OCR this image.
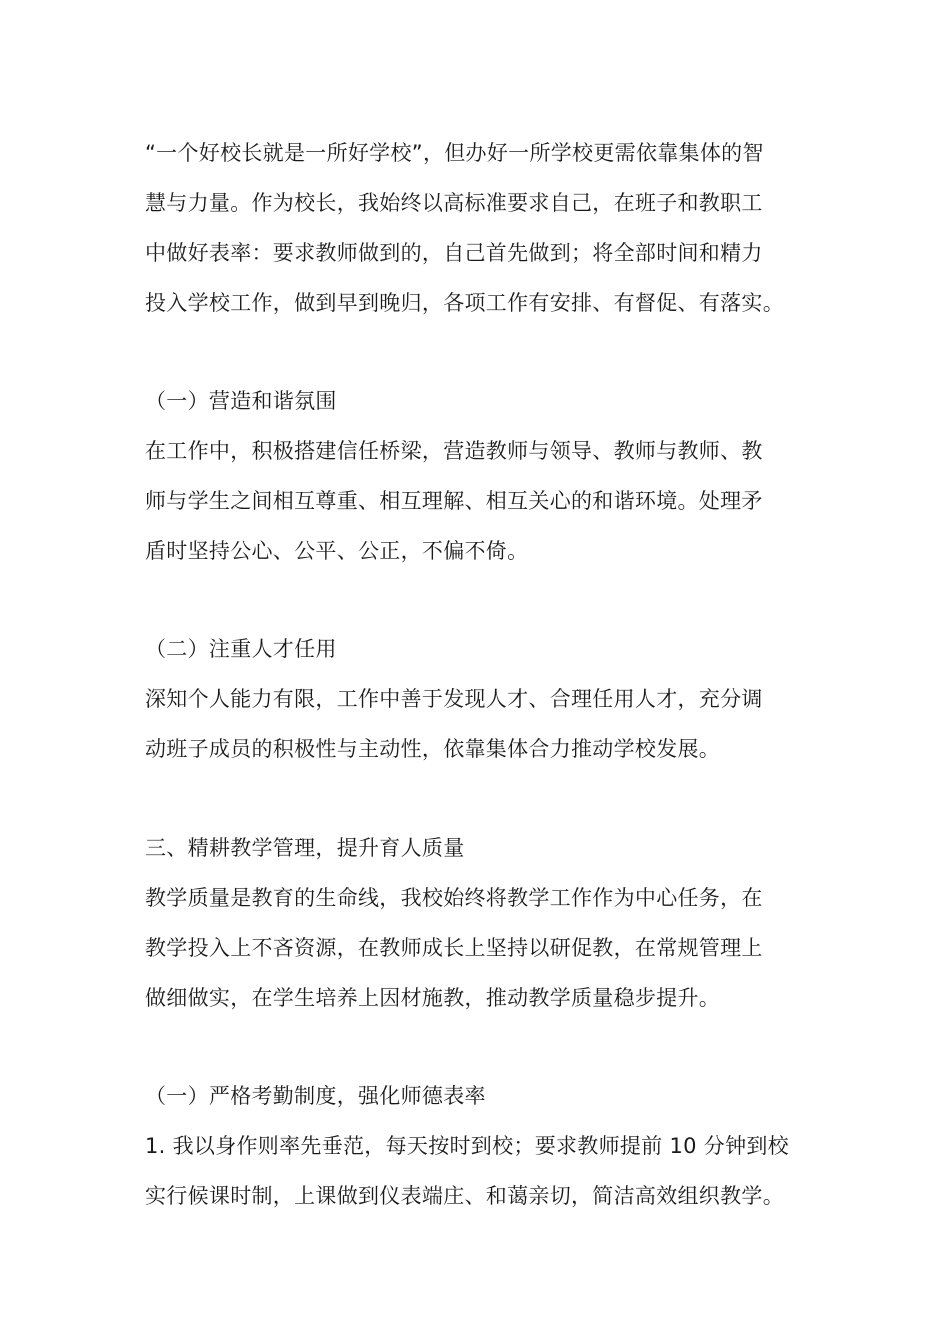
“一个好校长就是一所好学校”，但办好一所学校更需依靠集体的智
慧与力量。作为校长，我始终以高标准要求自己，在班子和教职工
中做好表率：要求教师做到的，自己首先做到；将全部时间和精力
投入学校工作，做到早到晚归，各项工作有安排、有督促、有落实。
（一）营造和谐氛围
在工作中，积极搭建信任桥梁，营造教师与领导、教师与教师、教
师与学生之间相互尊重、相互理解、相互关心的和谐环境。处理矛
盾时坚持公心、公平、公正，不偏不倚。
（二）注重人才任用
深知个人能力有限，工作中善于发现人才、合理任用人才，充分调
动班子成员的积极性与主动性，依靠集体合力推动学校发展。
三、精耕教学管理，提升育人质量
教学质量是教育的生命线，我校始终将教学工作作为中心任务，在
教学投入上不吝资源，在教师成长上坚持以研促教，在常规管理上
做细做实，在学生培养上因材施教，推动教学质量稳步提升。
（一）严格考勤制度，强化师德表率
1. 我以身作则率先垂范，每天按时到校；要求教师提前 10 分钟到校
实行候课时制，上课做到仪表端庄、和蔼亲切，简洁高效组织教学。
